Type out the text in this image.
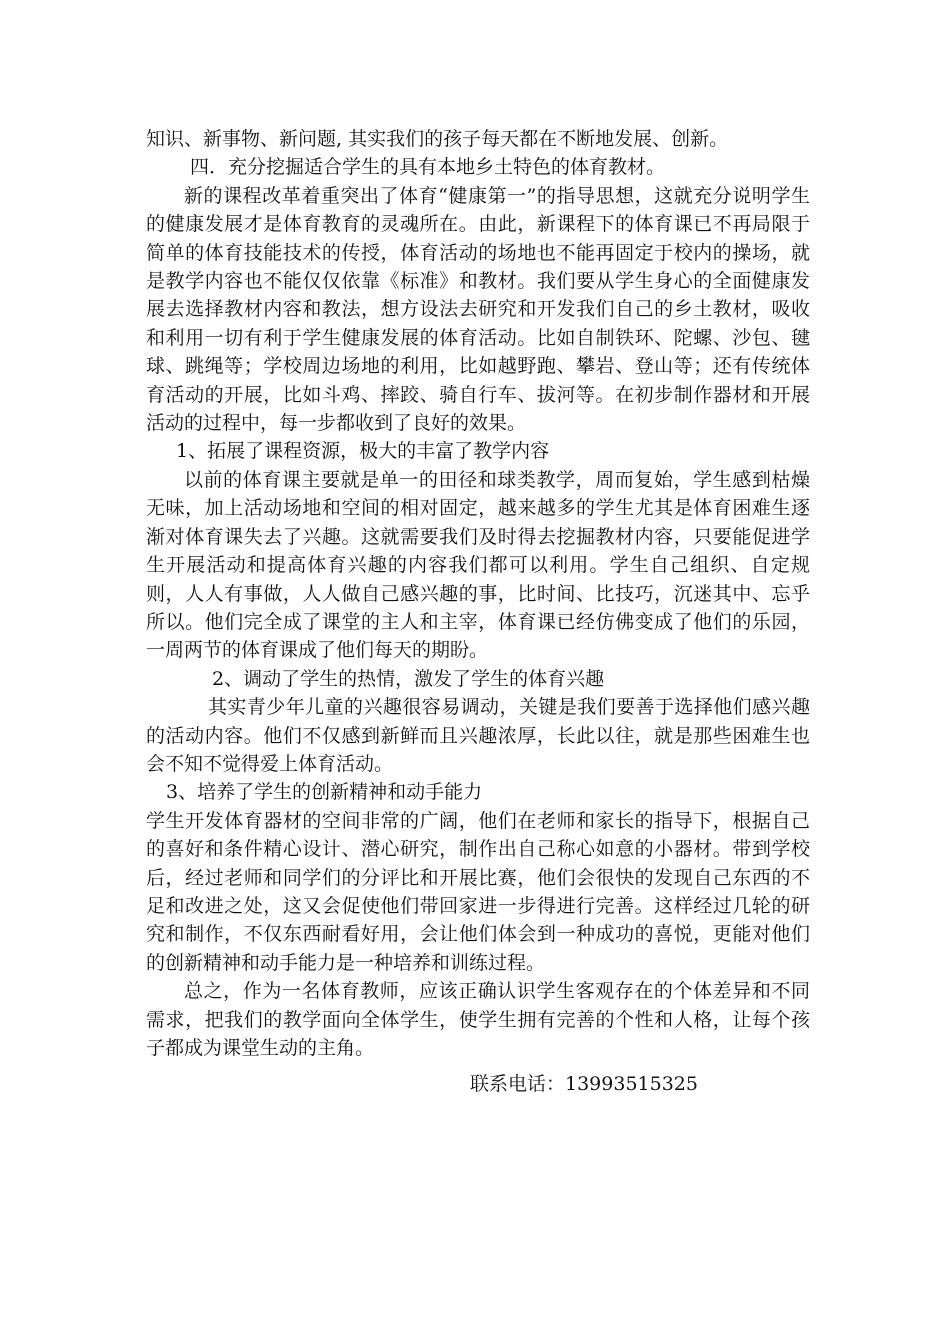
知识、新事物、新问题, 其实我们的孩子每天都在不断地发展、创新。

四．充分挖掘适合学生的具有本地乡土特色的体育教材。

新的课程改革着重突出了体育“健康第一”的指导思想，这就充分说明学生的健康发展才是体育教育的灵魂所在。由此，新课程下的体育课已不再局限于简单的体育技能技术的传授，体育活动的场地也不能再固定于校内的操场，就是教学内容也不能仅仅依靠《标准》和教材。我们要从学生身心的全面健康发展去选择教材内容和教法，想方设法去研究和开发我们自己的乡土教材，吸收和利用一切有利于学生健康发展的体育活动。比如自制铁环、陀螺、沙包、毽球、跳绳等；学校周边场地的利用，比如越野跑、攀岩、登山等；还有传统体育活动的开展，比如斗鸡、摔跤、骑自行车、拔河等。在初步制作器材和开展活动的过程中，每一步都收到了良好的效果。

1、拓展了课程资源，极大的丰富了教学内容

以前的体育课主要就是单一的田径和球类教学，周而复始，学生感到枯燥无味，加上活动场地和空间的相对固定，越来越多的学生尤其是体育困难生逐渐对体育课失去了兴趣。这就需要我们及时得去挖掘教材内容，只要能促进学生开展活动和提高体育兴趣的内容我们都可以利用。学生自己组织、自定规则，人人有事做，人人做自己感兴趣的事，比时间、比技巧，沉迷其中、忘乎所以。他们完全成了课堂的主人和主宰，体育课已经仿佛变成了他们的乐园，一周两节的体育课成了他们每天的期盼。

2、调动了学生的热情，激发了学生的体育兴趣

其实青少年儿童的兴趣很容易调动，关键是我们要善于选择他们感兴趣的活动内容。他们不仅感到新鲜而且兴趣浓厚，长此以往，就是那些困难生也会不知不觉得爱上体育活动。

3、培养了学生的创新精神和动手能力

学生开发体育器材的空间非常的广阔，他们在老师和家长的指导下，根据自己的喜好和条件精心设计、潜心研究，制作出自己称心如意的小器材。带到学校后，经过老师和同学们的分评比和开展比赛，他们会很快的发现自己东西的不足和改进之处，这又会促使他们带回家进一步得进行完善。这样经过几轮的研究和制作，不仅东西耐看好用，会让他们体会到一种成功的喜悦，更能对他们的创新精神和动手能力是一种培养和训练过程。

总之，作为一名体育教师，应该正确认识学生客观存在的个体差异和不同需求，把我们的教学面向全体学生，使学生拥有完善的个性和人格，让每个孩子都成为课堂生动的主角。

联系电话：13993515325
